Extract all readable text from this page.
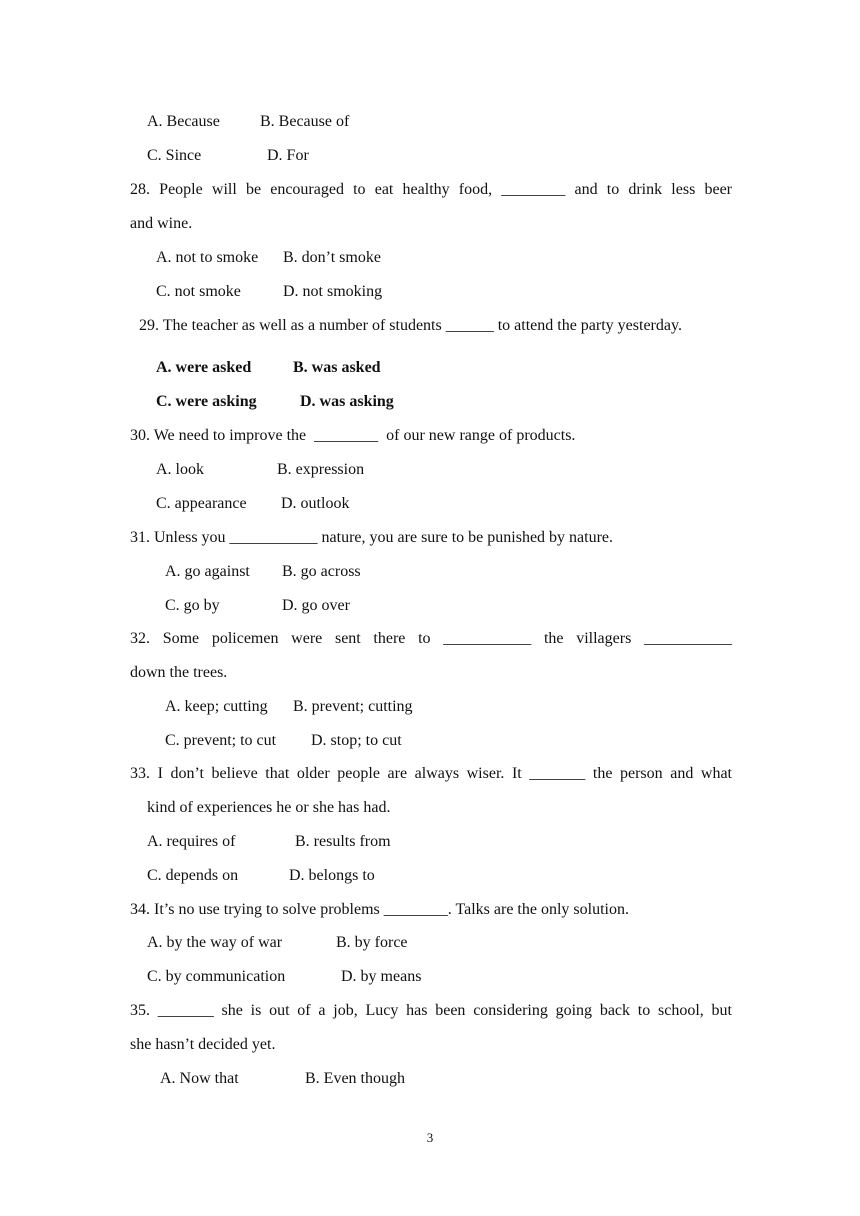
A. Because	B. Because of
C. Since	D. For
28. People will be encouraged to eat healthy food, ________ and to drink less beer
and wine.
A. not to smoke B. don’t smoke
C. not smoke	D. not smoking
29. The teacher as well as a number of students ______ to attend the party yesterday.
A. were asked	B. was asked
C. were asking	D. was asking
30. We need to improve the  ________  of our new range of products.
A. look	B. expression
C. appearance D. outlook
31. Unless you ___________ nature, you are sure to be punished by nature.
A. go against B. go across
C. go by	D. go over
32. Some policemen were sent there to ___________ the villagers ___________
down the trees.
A. keep; cutting B. prevent; cutting
C. prevent; to cut D. stop; to cut
33. I don’t believe that older people are always wiser. It _______ the person and what
kind of experiences he or she has had.
A. requires of	B. results from
C. depends on	D. belongs to
34. It’s no use trying to solve problems ________. Talks are the only solution.
A. by the way of war	B. by force
C. by communication	D. by means
35. _______ she is out of a job, Lucy has been considering going back to school, but
she hasn’t decided yet.
A. Now that	B. Even though
3
